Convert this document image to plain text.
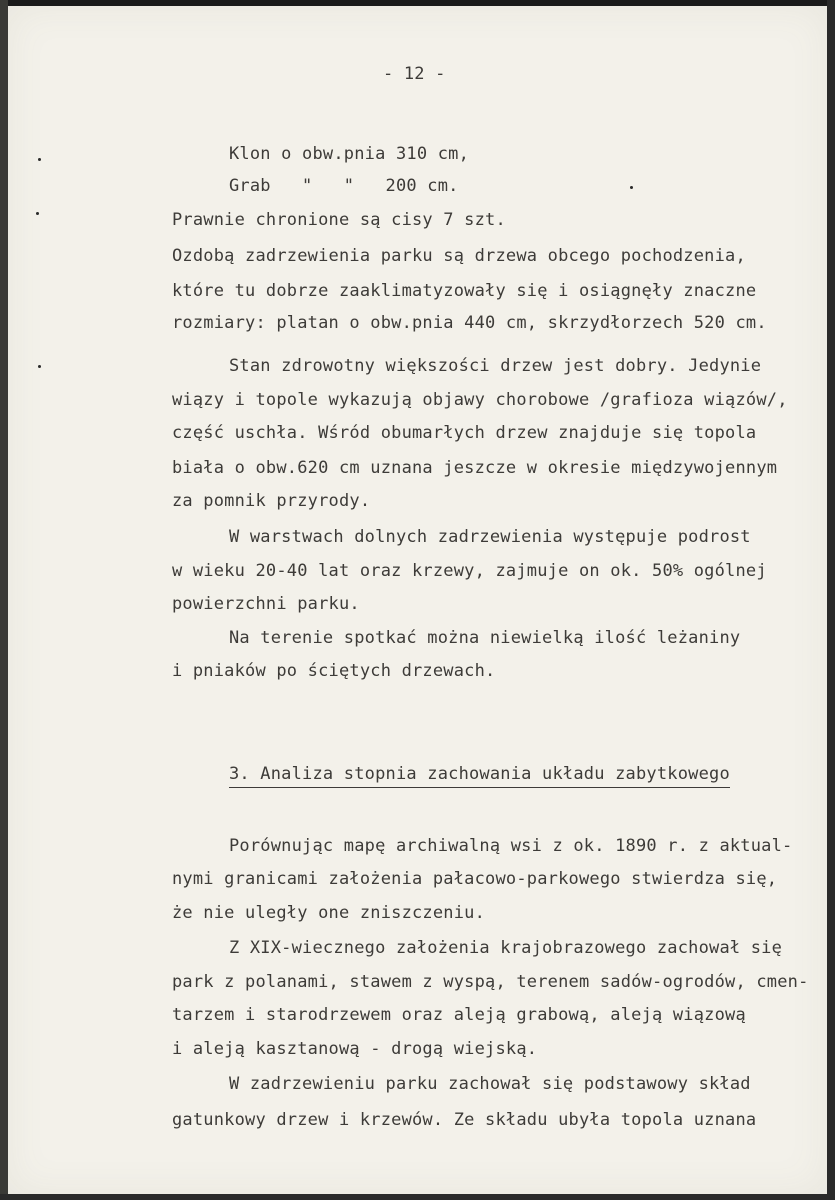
- 12 -
Klon o obw.pnia 310 cm,
Grab   "   "   200 cm.
Prawnie chronione są cisy 7 szt.
Ozdobą zadrzewienia parku są drzewa obcego pochodzenia,
które tu dobrze zaaklimatyzowały się i osiągnęły znaczne
rozmiary: platan o obw.pnia 440 cm, skrzydłorzech 520 cm.
Stan zdrowotny większości drzew jest dobry. Jedynie
wiązy i topole wykazują objawy chorobowe /grafioza wiązów/,
część uschła. Wśród obumarłych drzew znajduje się topola
biała o obw.620 cm uznana jeszcze w okresie międzywojennym
za pomnik przyrody.
W warstwach dolnych zadrzewienia występuje podrost
w wieku 20-40 lat oraz krzewy, zajmuje on ok. 50% ogólnej
powierzchni parku.
Na terenie spotkać można niewielką ilość leżaniny
i pniaków po ściętych drzewach.
3. Analiza stopnia zachowania układu zabytkowego
Porównując mapę archiwalną wsi z ok. 1890 r. z aktual-
nymi granicami założenia pałacowo-parkowego stwierdza się,
że nie uległy one zniszczeniu.
Z XIX-wiecznego założenia krajobrazowego zachował się
park z polanami, stawem z wyspą, terenem sadów-ogrodów, cmen-
tarzem i starodrzewem oraz aleją grabową, aleją wiązową
i aleją kasztanową - drogą wiejską.
W zadrzewieniu parku zachował się podstawowy skład
gatunkowy drzew i krzewów. Ze składu ubyła topola uznana
